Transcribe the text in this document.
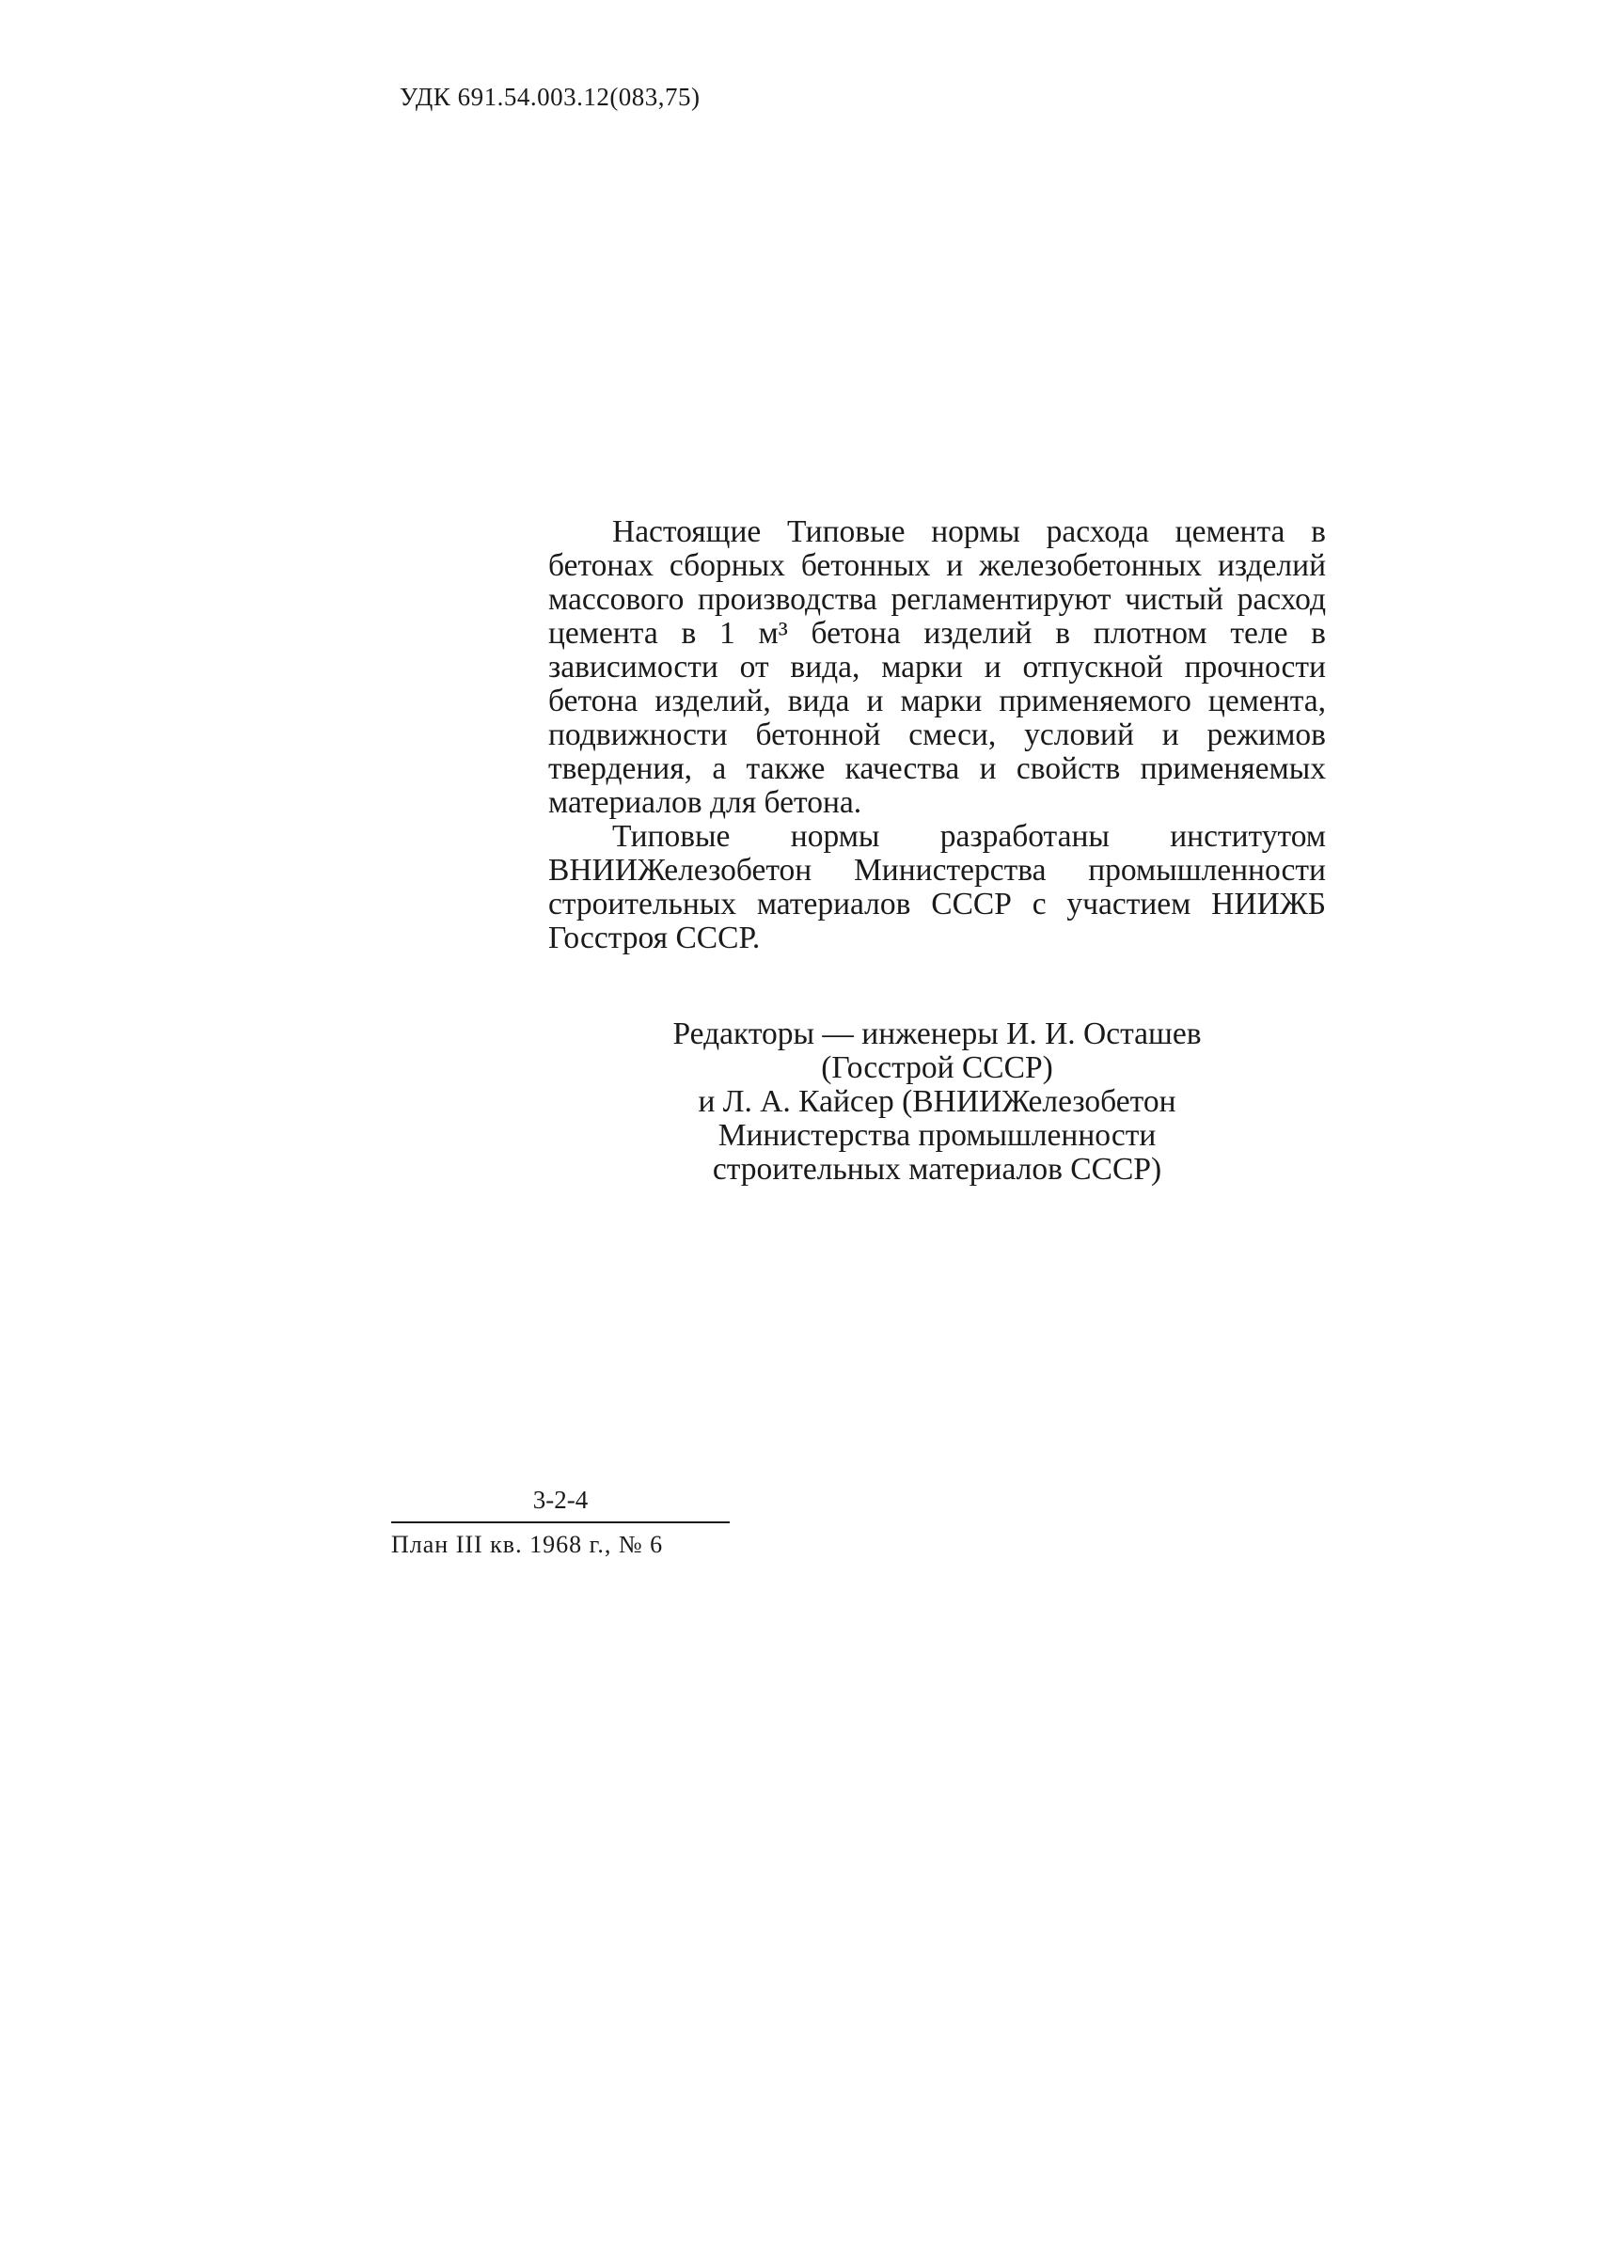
УДК 691.54.003.12(083,75)

Настоящие Типовые нормы расхода цемента в бетонах сборных бетонных и железобетонных изделий массового производства регламентируют чистый расход цемента в 1 м³ бетона изделий в плотном теле в зависимости от вида, марки и отпускной прочности бетона изделий, вида и марки применяемого цемента, подвижности бетонной смеси, условий и режимов твердения, а также качества и свойств применяемых материалов для бетона.

Типовые нормы разработаны институтом ВНИИЖелезобетон Министерства промышленности строительных материалов СССР с участием НИИЖБ Госстроя СССР.

Редакторы — инженеры И. И. Осташев
(Госстрой СССР)
и Л. А. Кайсер (ВНИИЖелезобетон
Министерства промышленности
строительных материалов СССР)
3-2-4
План III кв. 1968 г., № 6
